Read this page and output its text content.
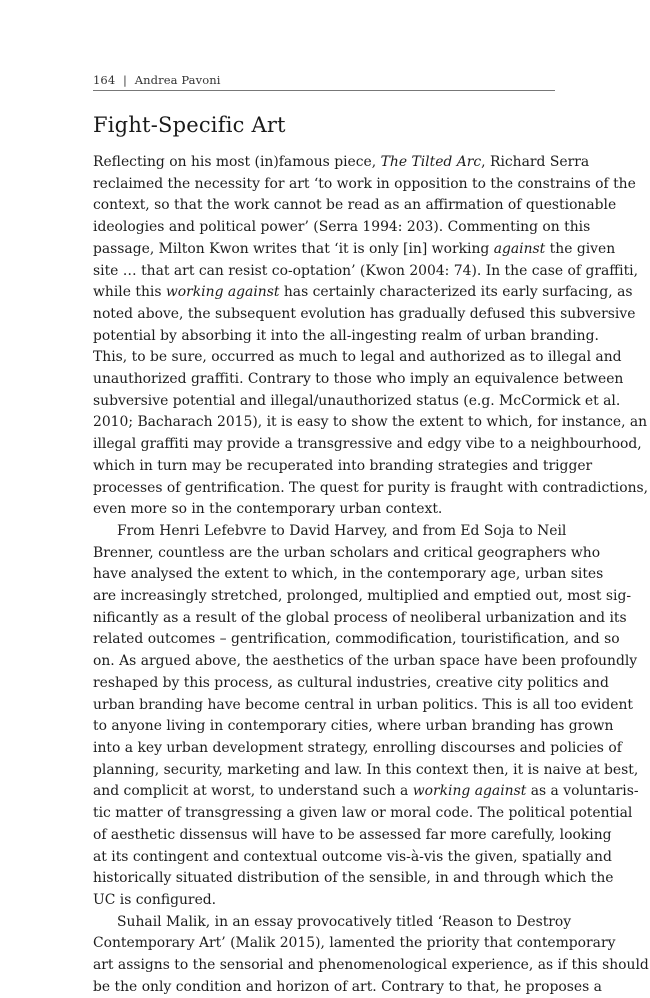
164 | Andrea Pavoni
Fight-Specific Art
Reflecting on his most (in)famous piece, The Tilted Arc, Richard Serra
reclaimed the necessity for art ‘to work in opposition to the constrains of the
context, so that the work cannot be read as an affirmation of questionable
ideologies and political power’ (Serra 1994: 203). Commenting on this
passage, Milton Kwon writes that ‘it is only [in] working against the given
site … that art can resist co-optation’ (Kwon 2004: 74). In the case of graffiti,
while this working against has certainly characterized its early surfacing, as
noted above, the subsequent evolution has gradually defused this subversive
potential by absorbing it into the all-ingesting realm of urban branding.
This, to be sure, occurred as much to legal and authorized as to illegal and
unauthorized graffiti. Contrary to those who imply an equivalence between
subversive potential and illegal/unauthorized status (e.g. McCormick et al.
2010; Bacharach 2015), it is easy to show the extent to which, for instance, an
illegal graffiti may provide a transgressive and edgy vibe to a neighbourhood,
which in turn may be recuperated into branding strategies and trigger
processes of gentrification. The quest for purity is fraught with contradictions,
even more so in the contemporary urban context.
From Henri Lefebvre to David Harvey, and from Ed Soja to Neil
Brenner, countless are the urban scholars and critical geographers who
have analysed the extent to which, in the contemporary age, urban sites
are increasingly stretched, prolonged, multiplied and emptied out, most sig-
nificantly as a result of the global process of neoliberal urbanization and its
related outcomes – gentrification, commodification, touristification, and so
on. As argued above, the aesthetics of the urban space have been profoundly
reshaped by this process, as cultural industries, creative city politics and
urban branding have become central in urban politics. This is all too evident
to anyone living in contemporary cities, where urban branding has grown
into a key urban development strategy, enrolling discourses and policies of
planning, security, marketing and law. In this context then, it is naive at best,
and complicit at worst, to understand such a working against as a voluntaris-
tic matter of transgressing a given law or moral code. The political potential
of aesthetic dissensus will have to be assessed far more carefully, looking
at its contingent and contextual outcome vis-à-vis the given, spatially and
historically situated distribution of the sensible, in and through which the
UC is configured.
Suhail Malik, in an essay provocatively titled ‘Reason to Destroy
Contemporary Art’ (Malik 2015), lamented the priority that contemporary
art assigns to the sensorial and phenomenological experience, as if this should
be the only condition and horizon of art. Contrary to that, he proposes a
